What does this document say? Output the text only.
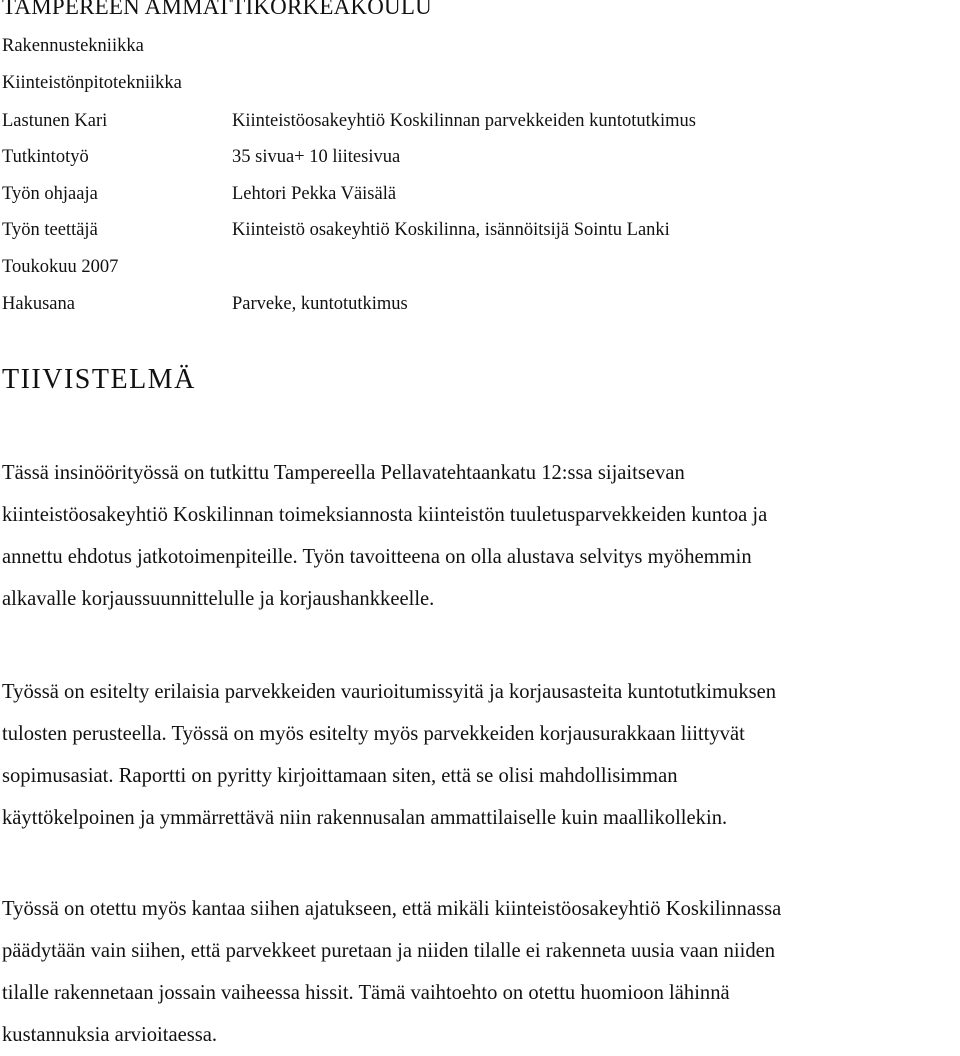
TAMPEREEN AMMATTIKORKEAKOULU
Rakennustekniikka
Kiinteistönpitotekniikka
Lastunen Kari	Kiinteistöosakeyhtiö Koskilinnan parvekkeiden kuntotutkimus
Tutkintotyö	35 sivua+ 10 liitesivua
Työn ohjaaja	Lehtori Pekka Väisälä
Työn teettäjä	Kiinteistö osakeyhtiö Koskilinna, isännöitsijä Sointu Lanki
Toukokuu 2007
Hakusana	Parveke, kuntotutkimus
TIIVISTELMÄ
Tässä insinöörityössä on tutkittu Tampereella Pellavatehtaankatu 12:ssa sijaitsevan
kiinteistöosakeyhtiö Koskilinnan toimeksiannosta kiinteistön tuuletusparvekkeiden kuntoa ja
annettu ehdotus jatkotoimenpiteille. Työn tavoitteena on olla alustava selvitys myöhemmin
alkavalle korjaussuunnittelulle ja korjaushankkeelle.
Työssä on esitelty erilaisia parvekkeiden vaurioitumissyitä ja korjausasteita kuntotutkimuksen
tulosten perusteella. Työssä on myös esitelty myös parvekkeiden korjausurakkaan liittyvät
sopimusasiat. Raportti on pyritty kirjoittamaan siten, että se olisi mahdollisimman
käyttökelpoinen ja ymmärrettävä niin rakennusalan ammattilaiselle kuin maallikollekin.
Työssä on otettu myös kantaa siihen ajatukseen, että mikäli kiinteistöosakeyhtiö Koskilinnassa
päädytään vain siihen, että parvekkeet puretaan ja niiden tilalle ei rakenneta uusia vaan niiden
tilalle rakennetaan jossain vaiheessa hissit. Tämä vaihtoehto on otettu huomioon lähinnä
kustannuksia arvioitaessa.
